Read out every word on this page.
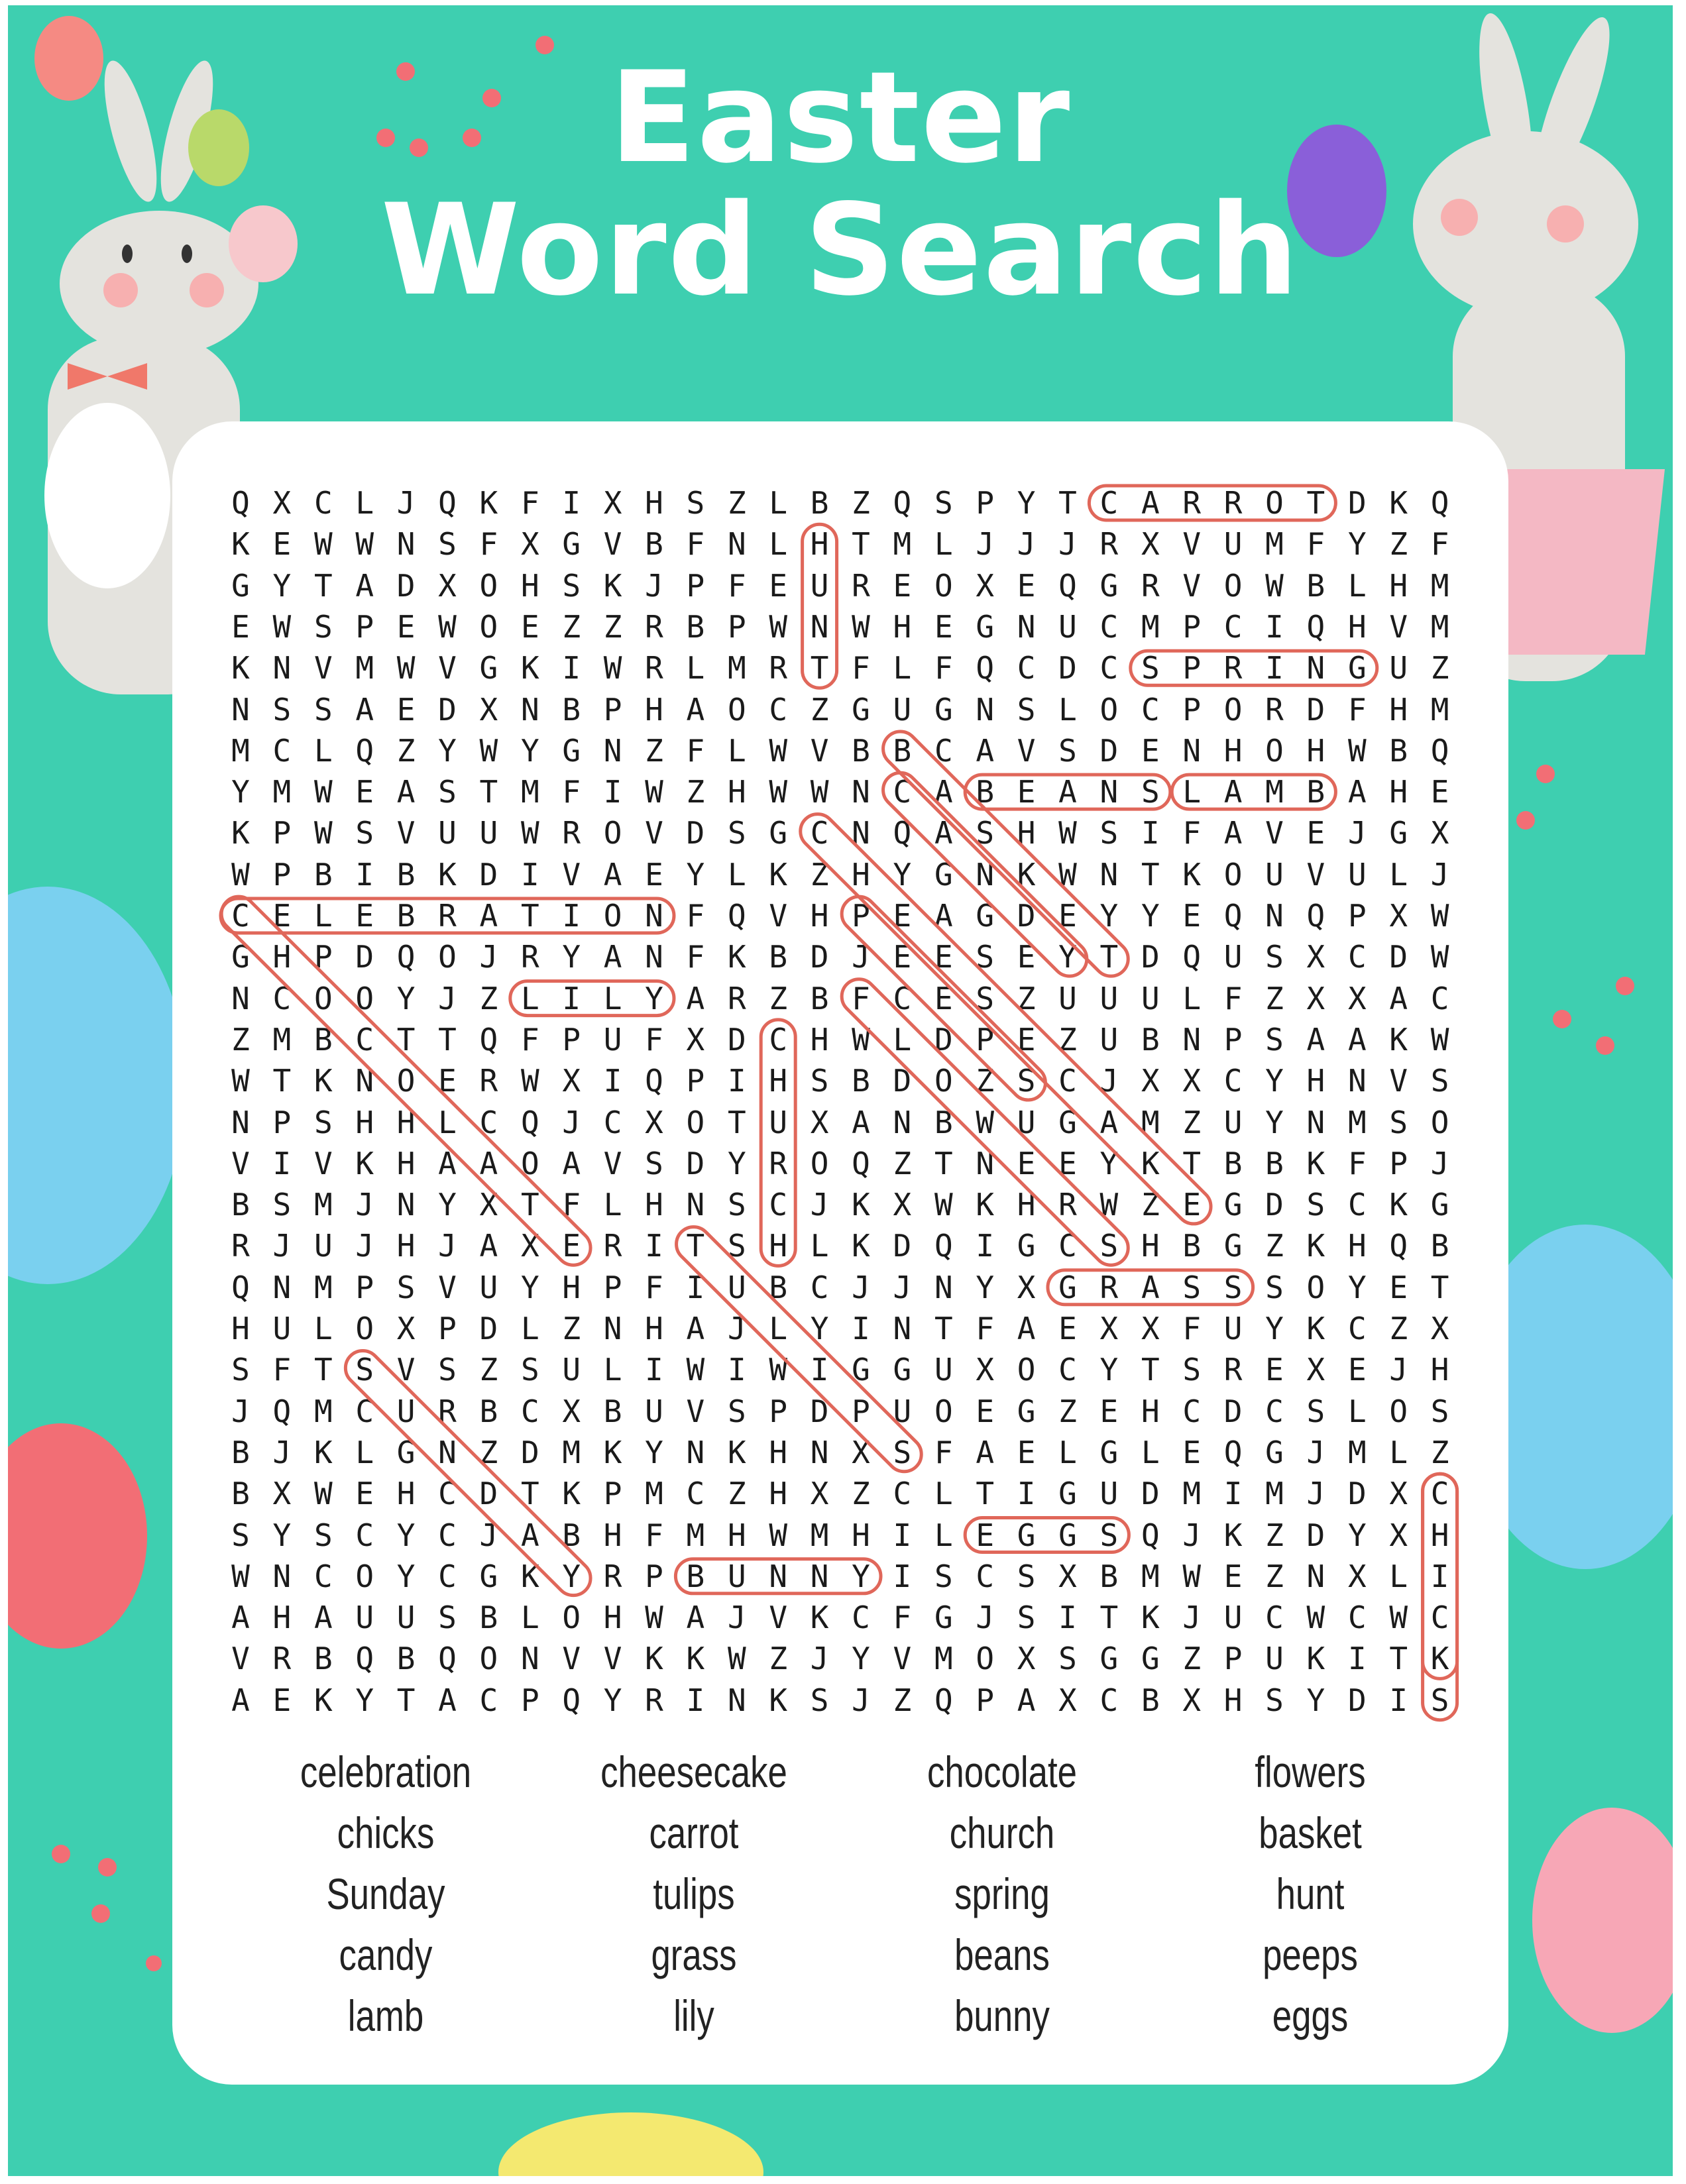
Easter
Word Search
Q X C L J Q K F I X H S Z L B Z Q S P Y T C A R R O T D K Q
K E W W N S F X G V B F N L H T M L J J J R X V U M F Y Z F
G Y T A D X O H S K J P F E U R E O X E Q G R V O W B L H M
E W S P E W O E Z Z R B P W N W H E G N U C M P C I Q H V M
K N V M W V G K I W R L M R T F L F Q C D C S P R I N G U Z
N S S A E D X N B P H A O C Z G U G N S L O C P O R D F H M
M C L Q Z Y W Y G N Z F L W V B B C A V S D E N H O H W B Q
Y M W E A S T M F I W Z H W W N C A B E A N S L A M B A H E
K P W S V U U W R O V D S G C N Q A S H W S I F A V E J G X
W P B I B K D I V A E Y L K Z H Y G N K W N T K O U V U L J
C E L E B R A T I O N F Q V H P E A G D E Y Y E Q N Q P X W
G H P D Q O J R Y A N F K B D J E E S E Y T D Q U S X C D W
N C O O Y J Z L I L Y A R Z B F C E S Z U U U L F Z X X A C
Z M B C T T Q F P U F X D C H W L D P E Z U B N P S A A K W
W T K N O E R W X I Q P I H S B D O Z S C J X X C Y H N V S
N P S H H L C Q J C X O T U X A N B W U G A M Z U Y N M S O
V I V K H A A O A V S D Y R O Q Z T N E E Y K T B B K F P J
B S M J N Y X T F L H N S C J K X W K H R W Z E G D S C K G
R J U J H J A X E R I T S H L K D Q I G C S H B G Z K H Q B
Q N M P S V U Y H P F I U B C J J N Y X G R A S S S O Y E T
H U L O X P D L Z N H A J L Y I N T F A E X X F U Y K C Z X
S F T S V S Z S U L I W I W I G G U X O C Y T S R E X E J H
J Q M C U R B C X B U V S P D P U O E G Z E H C D C S L O S
B J K L G N Z D M K Y N K H N X S F A E L G L E Q G J M L Z
B X W E H C D T K P M C Z H X Z C L T I G U D M I M J D X C
S Y S C Y C J A B H F M H W M H I L E G G S Q J K Z D Y X H
W N C O Y C G K Y R P B U N N Y I S C S X B M W E Z N X L I
A H A U U S B L O H W A J V K C F G J S I T K J U C W C W C
V R B Q B Q O N V V K K W Z J Y V M O X S G G Z P U K I T K
A E K Y T A C P Q Y R I N K S J Z Q P A X C B X H S Y D I S
celebration
chicks
Sunday
candy
lamb
cheesecake
carrot
tulips
grass
lily
chocolate
church
spring
beans
bunny
flowers
basket
hunt
peeps
eggs
